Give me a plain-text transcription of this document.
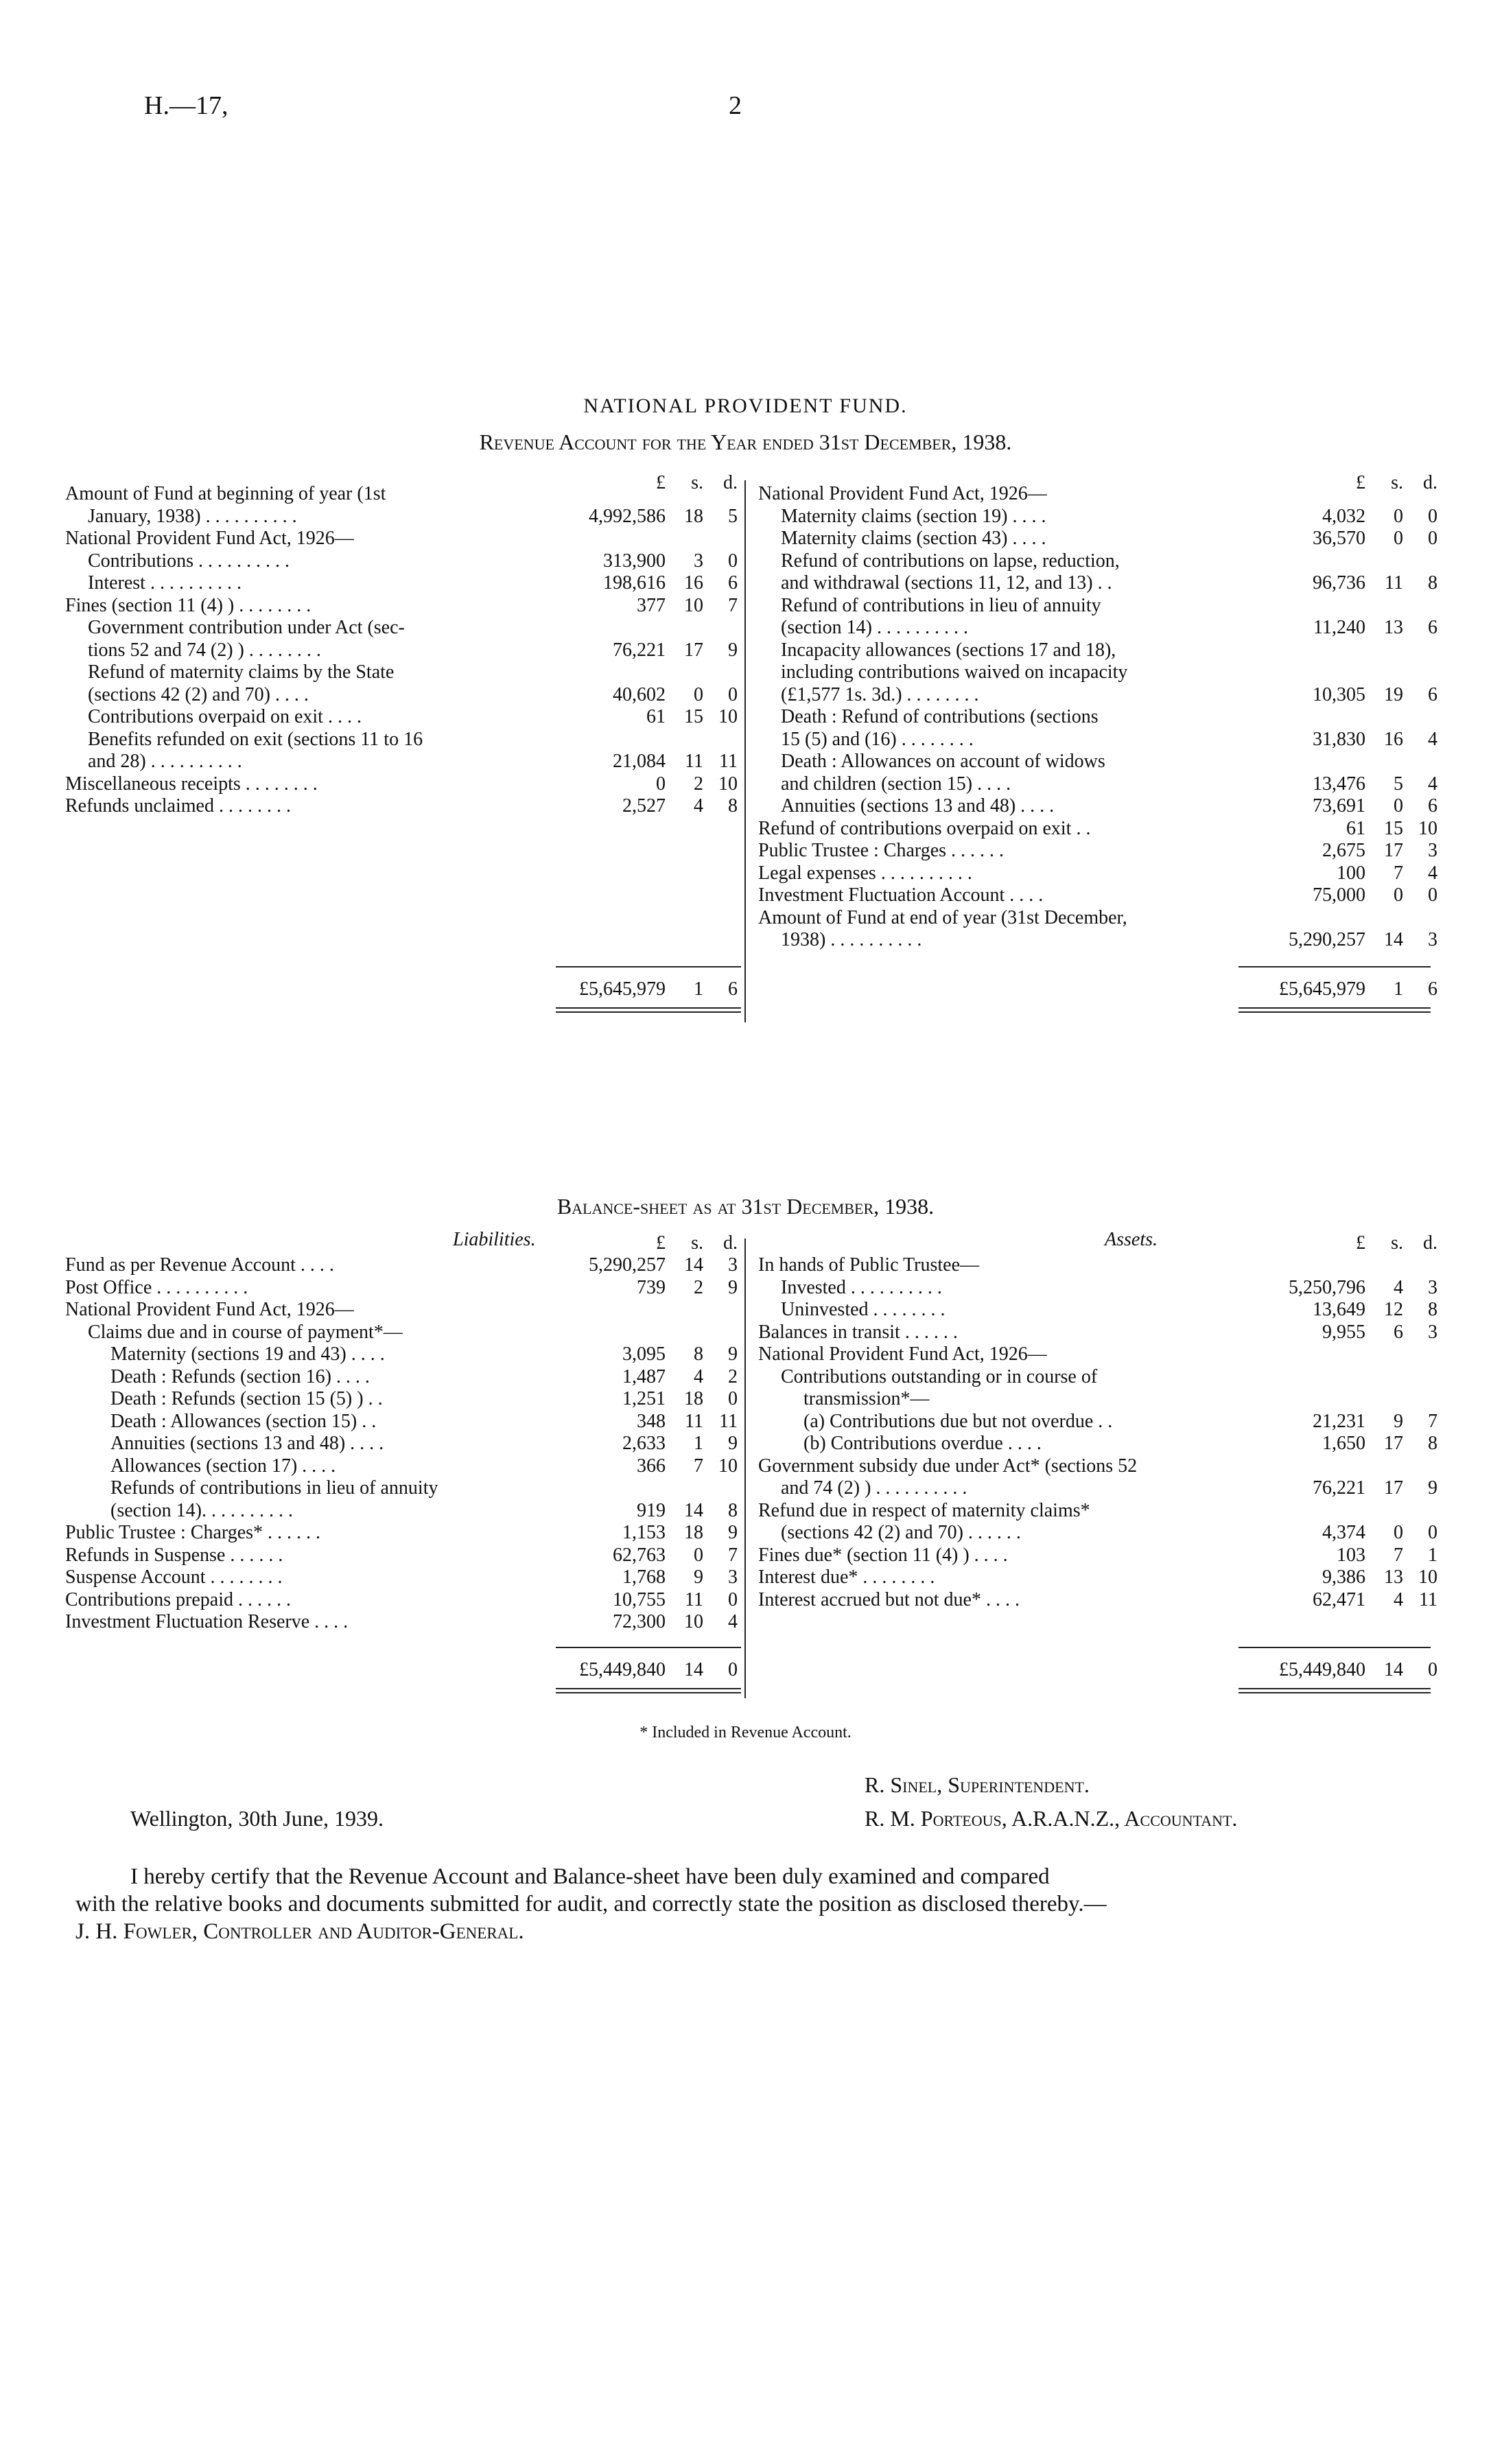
H.—17,	2
NATIONAL PROVIDENT FUND.
Revenue Account for the Year ended 31st December, 1938.
£	s.	d.	£	s.	d.
Amount of Fund at beginning of year (1st
January, 1938) . . . . . . . . . .	4,992,586 18	5
National Provident Fund Act, 1926—
Contributions . . . . . . . . . .	313,900	3	0
Interest . . . . . . . . . .	198,616 16	6
Fines (section 11 (4) ) . . . . . . . .	377 10	7
Government contribution under Act (sec-
tions 52 and 74 (2) ) . . . . . . . .	76,221 17	9
Refund of maternity claims by the State
(sections 42 (2) and 70) . . . .	40,602	0	0
Contributions overpaid on exit . . . .	61 15 10
Benefits refunded on exit (sections 11 to 16
and 28) . . . . . . . . . .	21,084	11 11
Miscellaneous receipts . . . . . . . .	0	2 10
Refunds unclaimed . . . . . . . .	2,527	4	8
National Provident Fund Act, 1926—
Maternity claims (section 19) . . . .	4,032	0	0
Maternity claims (section 43) . . . .	36,570	0	0
Refund of contributions on lapse, reduction,
and withdrawal (sections 11, 12, and 13) . .	96,736	11	8
Refund of contributions in lieu of annuity
(section 14) . . . . . . . . . .	11,240 13	6
Incapacity allowances (sections 17 and 18),
including contributions waived on incapacity
(£1,577 1s. 3d.) . . . . . . . .	10,305 19	6
Death : Refund of contributions (sections
15 (5) and (16) . . . . . . . .	31,830 16	4
Death : Allowances on account of widows
and children (section 15) . . . .	13,476	5	4
Annuities (sections 13 and 48) . . . .	73,691	0	6
Refund of contributions overpaid on exit . .	61 15 10
Public Trustee : Charges . . . . . .	2,675 17	3
Legal expenses . . . . . . . . . .	100	7	4
Investment Fluctuation Account . . . .	75,000	0	0
Amount of Fund at end of year (31st December,
1938) . . . . . . . . . .	5,290,257 14	3
£5,645,979	1	6	£5,645,979	1	6
Balance-sheet as at 31st December, 1938.
Liabilities.	Assets.
£	s.	d.	£	s.	d.
Fund as per Revenue Account . . . .	5,290,257 14	3
Post Office . . . . . . . . . .	739	2	9
National Provident Fund Act, 1926—
Claims due and in course of payment*—
Maternity (sections 19 and 43) . . . .	3,095	8	9
Death : Refunds (section 16) . . . .	1,487	4	2
Death : Refunds (section 15 (5) ) . .	1,251 18	0
Death : Allowances (section 15) . .	348	11 11
Annuities (sections 13 and 48) . . . .	2,633	1	9
Allowances (section 17) . . . .	366	7 10
Refunds of contributions in lieu of annuity
(section 14). . . . . . . . . .	919 14	8
Public Trustee : Charges* . . . . . .	1,153 18	9
Refunds in Suspense . . . . . .	62,763	0	7
Suspense Account . . . . . . . .	1,768	9	3
Contributions prepaid . . . . . .	10,755	11	0
Investment Fluctuation Reserve . . . .	72,300 10	4
In hands of Public Trustee—
Invested . . . . . . . . . .	5,250,796	4	3
Uninvested . . . . . . . .	13,649 12	8
Balances in transit . . . . . .	9,955	6	3
National Provident Fund Act, 1926—
Contributions outstanding or in course of
transmission*—
(a) Contributions due but not overdue . .	21,231	9	7
(b) Contributions overdue . . . .	1,650 17	8
Government subsidy due under Act* (sections 52
and 74 (2) ) . . . . . . . . . .	76,221 17	9
Refund due in respect of maternity claims*
(sections 42 (2) and 70) . . . . . .	4,374	0	0
Fines due* (section 11 (4) ) . . . .	103	7	1
Interest due* . . . . . . . .	9,386 13 10
Interest accrued but not due* . . . .	62,471	4 11
£5,449,840 14	0	£5,449,840 14	0
* Included in Revenue Account.
R. Sinel, Superintendent.
Wellington, 30th June, 1939.	R. M. Porteous, A.R.A.N.Z., Accountant.
I hereby certify that the Revenue Account and Balance-sheet have been duly examined and compared
with the relative books and documents submitted for audit, and correctly state the position as disclosed thereby.—
J. H. Fowler, Controller and Auditor-General.
